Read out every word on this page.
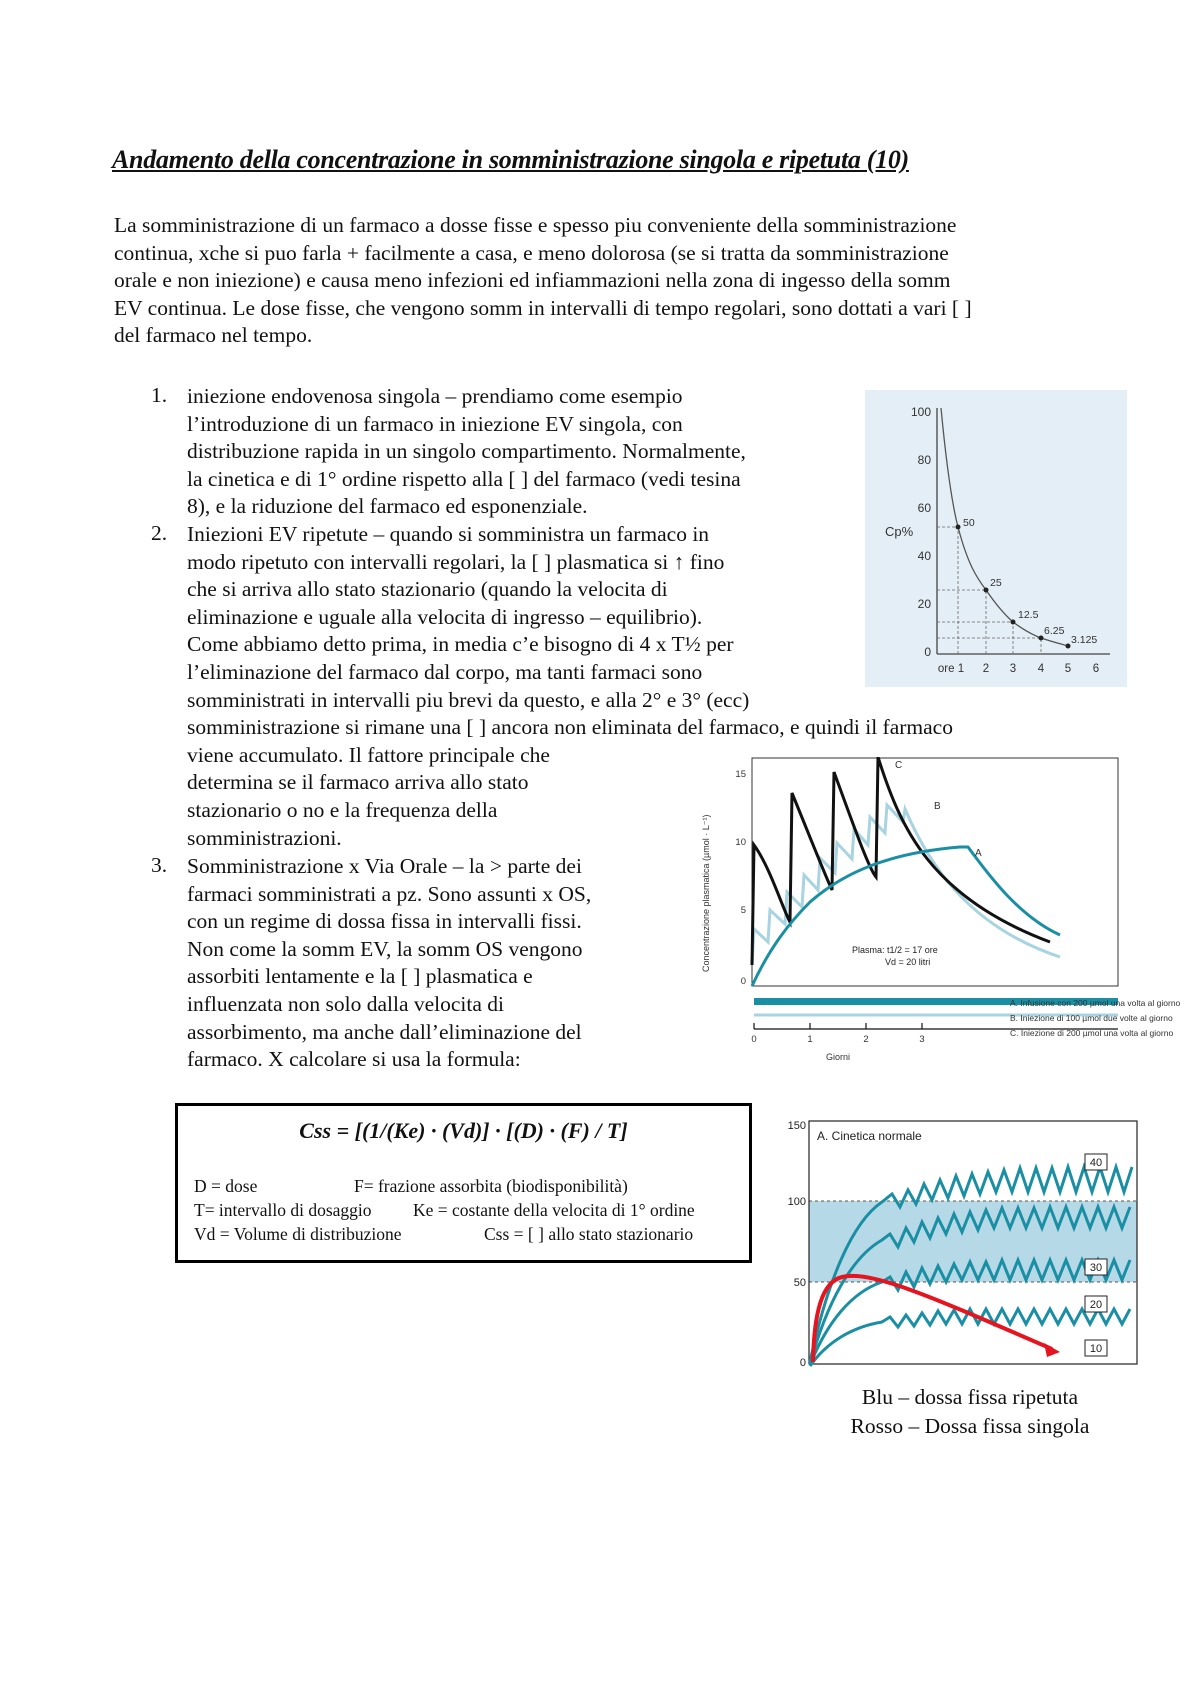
Andamento della concentrazione in somministrazione singola e ripetuta (10)
La somministrazione di un farmaco a dosse fisse e spesso piu conveniente della somministrazione
continua, xche si puo farla + facilmente a casa, e meno dolorosa (se si tratta da somministrazione
orale e non iniezione) e causa meno infezioni ed infiammazioni nella zona di ingesso della somm
EV continua. Le dose fisse, che vengono somm in intervalli di tempo regolari, sono dottati a vari [ ]
del farmaco nel tempo.
1. iniezione endovenosa singola – prendiamo come esempio
l’introduzione di un farmaco in iniezione EV singola, con
distribuzione rapida in un singolo compartimento. Normalmente,
la cinetica e di 1° ordine rispetto alla [ ] del farmaco (vedi tesina
8), e la riduzione del farmaco ed esponenziale.
2. Iniezioni EV ripetute – quando si somministra un farmaco in
modo ripetuto con intervalli regolari, la [ ] plasmatica si ↑ fino
che si arriva allo stato stazionario (quando la velocita di
eliminazione e uguale alla velocita di ingresso – equilibrio).
Come abbiamo detto prima, in media c’e bisogno di 4 x T½ per
l’eliminazione del farmaco dal corpo, ma tanti farmaci sono
somministrati in intervalli piu brevi da questo, e alla 2° e 3° (ecc)
somministrazione si rimane una [ ] ancora non eliminata del farmaco, e quindi il farmaco
viene accumulato. Il fattore principale che
determina se il farmaco arriva allo stato
stazionario o no e la frequenza della
somministrazioni.
3. Somministrazione x Via Orale – la > parte dei
farmaci somministrati a pz. Sono assunti x OS,
con un regime di dossa fissa in intervalli fissi.
Non come la somm EV, la somm OS vengono
assorbiti lentamente e la [ ] plasmatica e
influenzata non solo dalla velocita di
assorbimento, ma anche dall’eliminazione del
farmaco. X calcolare si usa la formula:
Css = [(1/(Ke) · (Vd)] · [(D) · (F) / T]
D = dose	F= frazione assorbita (biodisponibilità)
T= intervallo di dosaggio Ke = costante della velocita di 1° ordine
Vd = Volume di distribuzione	Css = [ ] allo stato stazionario
100
80
60
40
20
0
Cp%
ore 1 2 3 4 5 6
50
25
12.5
6.25
3.125
Concentrazione plasmatica (µmol · L⁻¹)
15
10
5
0
C
B
A
Plasma: t1/2 = 17 ore
Vd = 20 litri
0	1	2	3
Giorni
A. Infusione con 200 µmol una volta al giorno
B. Iniezione di 100 µmol due volte al giorno
C. Iniezione di 200 µmol una volta al giorno
150
100
50
0
A. Cinetica normale
40
30
20
10
Blu – dossa fissa ripetuta
Rosso – Dossa fissa singola
